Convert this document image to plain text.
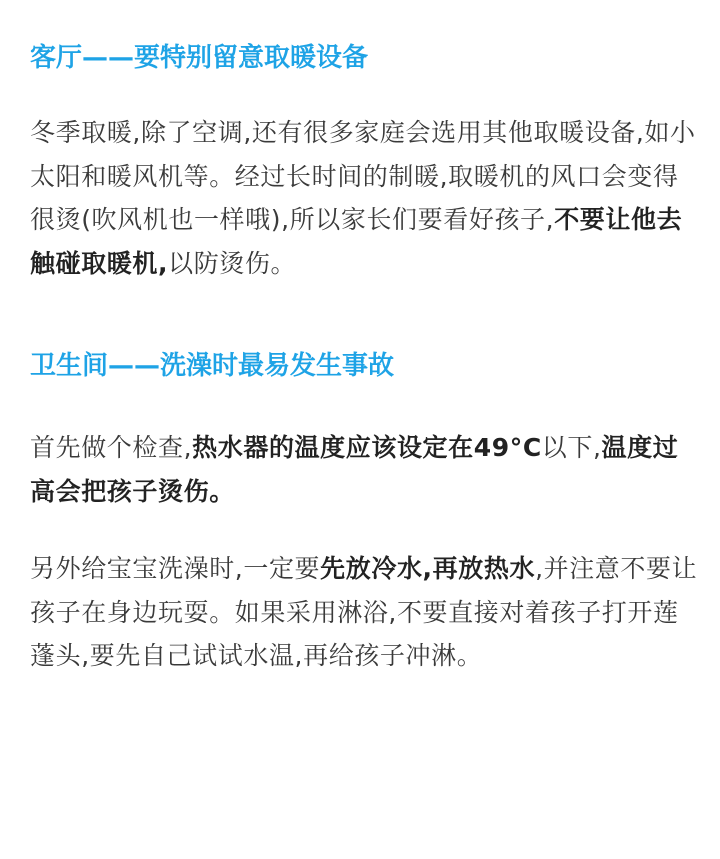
客厅——要特别留意取暖设备

冬季取暖,除了空调,还有很多家庭会选用其他取暖设备,如小太阳和暖风机等。经过长时间的制暖,取暖机的风口会变得很烫(吹风机也一样哦),所以家长们要看好孩子,不要让他去触碰取暖机,以防烫伤。

卫生间——洗澡时最易发生事故

首先做个检查,热水器的温度应该设定在49°C以下,温度过高会把孩子烫伤。

另外给宝宝洗澡时,一定要先放冷水,再放热水,并注意不要让孩子在身边玩耍。如果采用淋浴,不要直接对着孩子打开莲蓬头,要先自己试试水温,再给孩子冲淋。
